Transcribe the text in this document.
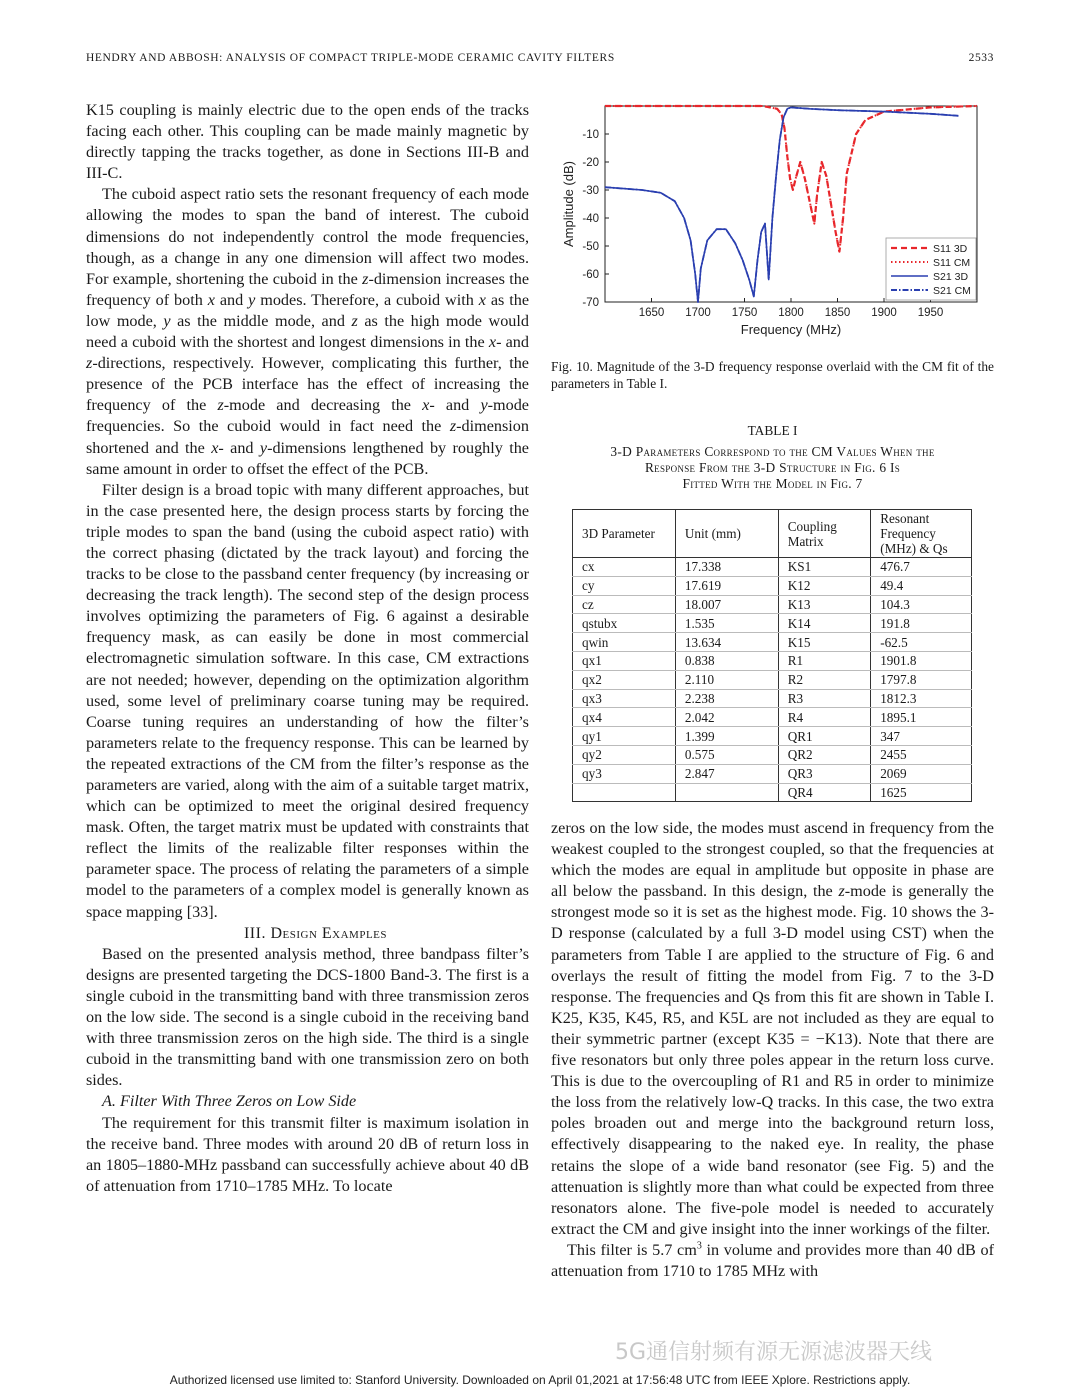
HENDRY AND ABBOSH: ANALYSIS OF COMPACT TRIPLE-MODE CERAMIC CAVITY FILTERS	2533

K15 coupling is mainly electric due to the open ends of the tracks facing each other. This coupling can be made mainly magnetic by directly tapping the tracks together, as done in Sections III-B and III-C.

The cuboid aspect ratio sets the resonant frequency of each mode allowing the modes to span the band of interest. The cuboid dimensions do not independently control the mode frequencies, though, as a change in any one dimension will affect two modes. For example, shortening the cuboid in the z-dimension increases the frequency of both x and y modes. Therefore, a cuboid with x as the low mode, y as the middle mode, and z as the high mode would need a cuboid with the shortest and longest dimensions in the x- and z-directions, respectively. However, complicating this further, the presence of the PCB interface has the effect of increasing the frequency of the z-mode and decreasing the x- and y-mode frequencies. So the cuboid would in fact need the z-dimension shortened and the x- and y-dimensions lengthened by roughly the same amount in order to offset the effect of the PCB.

Filter design is a broad topic with many different approaches, but in the case presented here, the design process starts by forcing the triple modes to span the band (using the cuboid aspect ratio) with the correct phasing (dictated by the track layout) and forcing the tracks to be close to the passband center frequency (by increasing or decreasing the track length). The second step of the design process involves optimizing the parameters of Fig. 6 against a desirable frequency mask, as can easily be done in most commercial electromagnetic simulation software. In this case, CM extractions are not needed; however, depending on the optimization algorithm used, some level of preliminary coarse tuning may be required. Coarse tuning requires an understanding of how the filter’s parameters relate to the frequency response. This can be learned by the repeated extractions of the CM from the filter’s response as the parameters are varied, along with the aim of a suitable target matrix, which can be optimized to meet the original desired frequency mask. Often, the target matrix must be updated with constraints that reflect the limits of the realizable filter responses within the parameter space. The process of relating the parameters of a simple model to the parameters of a complex model is generally known as space mapping [33].

III. Design Examples

Based on the presented analysis method, three bandpass filter’s designs are presented targeting the DCS-1800 Band-3. The first is a single cuboid in the transmitting band with three transmission zeros on the low side. The second is a single cuboid in the receiving band with three transmission zeros on the high side. The third is a single cuboid in the transmitting band with one transmission zero on both sides.

A. Filter With Three Zeros on Low Side

The requirement for this transmit filter is maximum isolation in the receive band. Three modes with around 20 dB of return loss in an 1805–1880-MHz passband can successfully achieve about 40 dB of attenuation from 1710–1785 MHz. To locate

1650 1700 1750 1800 1850 1900 1950
-10
-20
-30
-40
-50
-60
-70
Frequency (MHz)
Amplitude (dB)
S11 3D
S11 CM
S21 3D
S21 CM
Fig. 10. Magnitude of the 3-D frequency response overlaid with the CM fit of the parameters in Table I.
TABLE I
3-D Parameters Correspond to the CM Values When the
Response From the 3-D Structure in Fig. 6 Is
Fitted With the Model in Fig. 7
3D Parameter	Unit (mm)	Coupling Matrix	Resonant Frequency (MHz) & Qs
cx	17.338	KS1	476.7
cy	17.619	K12	49.4
cz	18.007	K13	104.3
qstubx	1.535	K14	191.8
qwin	13.634	K15	-62.5
qx1	0.838	R1	1901.8
qx2	2.110	R2	1797.8
qx3	2.238	R3	1812.3
qx4	2.042	R4	1895.1
qy1	1.399	QR1	347
qy2	0.575	QR2	2455
qy3	2.847	QR3	2069
		QR4	1625

zeros on the low side, the modes must ascend in frequency from the weakest coupled to the strongest coupled, so that the frequencies at which the modes are equal in amplitude but opposite in phase are all below the passband. In this design, the z-mode is generally the strongest mode so it is set as the highest mode. Fig. 10 shows the 3-D response (calculated by a full 3-D model using CST) when the parameters from Table I are applied to the structure of Fig. 6 and overlays the result of fitting the model from Fig. 7 to the 3-D response. The frequencies and Qs from this fit are shown in Table I. K25, K35, K45, R5, and K5L are not included as they are equal to their symmetric partner (except K35 = −K13). Note that there are five resonators but only three poles appear in the return loss curve. This is due to the overcoupling of R1 and R5 in order to minimize the loss from the relatively low-Q tracks. In this case, the two extra poles broaden out and merge into the background return loss, effectively disappearing to the naked eye. In reality, the phase retains the slope of a wide band resonator (see Fig. 5) and the attenuation is slightly more than what could be expected from three resonators alone. The five-pole model is needed to accurately extract the CM and give insight into the inner workings of the filter.

This filter is 5.7 $cm^3$ in volume and provides more than 40 dB of attenuation from 1710 to 1785 MHz with

5G通信射频有源无源滤波器天线
Authorized licensed use limited to: Stanford University. Downloaded on April 01,2021 at 17:56:48 UTC from IEEE Xplore. Restrictions apply.
